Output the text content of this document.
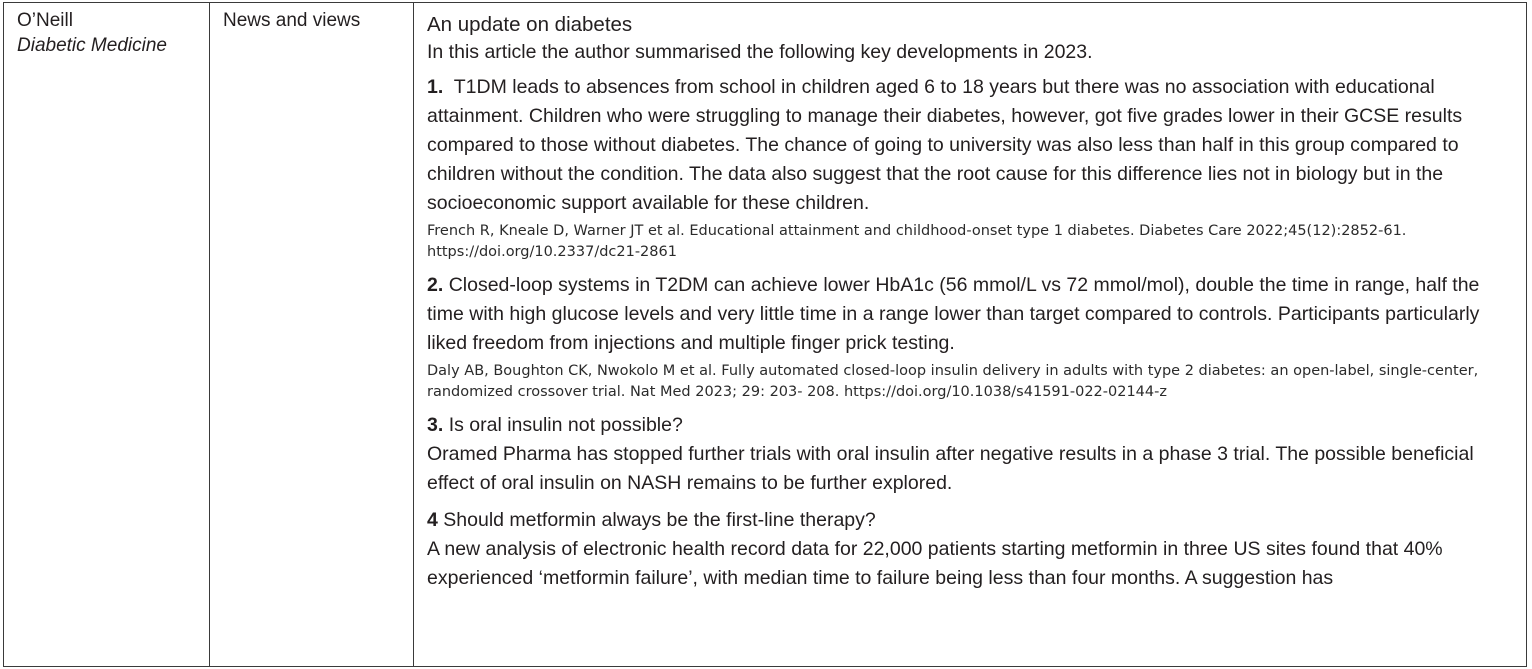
O’Neill

Diabetic Medicine

News and views	An update on diabetes

In this article the author summarised the following key developments in 2023.

1. T1DM leads to absences from school in children aged 6 to 18 years but there was no association with educational attainment. Children who were struggling to manage their diabetes, however, got five grades lower in their GCSE results compared to those without diabetes. The chance of going to university was also less than half in this group compared to children without the condition. The data also suggest that the root cause for this difference lies not in biology but in the socioeconomic support available for these children.

French R, Kneale D, Warner JT et al. Educational attainment and childhood-onset type 1 diabetes. Diabetes Care 2022;45(12):2852-61. https://doi.org/10.2337/dc21-2861

2. Closed-loop systems in T2DM can achieve lower HbA1c (56 mmol/L vs 72 mmol/mol), double the time in range, half the time with high glucose levels and very little time in a range lower than target compared to controls. Participants particularly liked freedom from injections and multiple finger prick testing.

Daly AB, Boughton CK, Nwokolo M et al. Fully automated closed-loop insulin delivery in adults with type 2 diabetes: an open-label, single-center, randomized crossover trial. Nat Med 2023; 29: 203- 208. https://doi.org/10.1038/s41591-022-02144-z

3. Is oral insulin not possible?

Oramed Pharma has stopped further trials with oral insulin after negative results in a phase 3 trial. The possible beneficial effect of oral insulin on NASH remains to be further explored.

4 Should metformin always be the first-line therapy?

A new analysis of electronic health record data for 22,000 patients starting metformin in three US sites found that 40% experienced ‘metformin failure’, with median time to failure being less than four months. A suggestion has
